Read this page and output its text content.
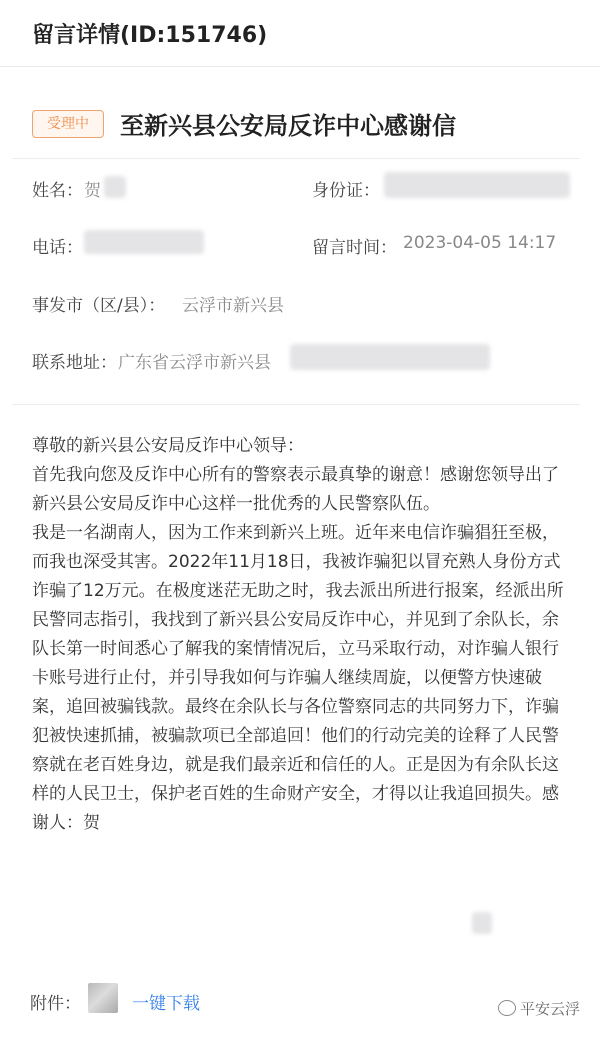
留言详情(ID:151746)
受理中	至新兴县公安局反诈中心感谢信
姓名： 贺	身份证：
电话：	留言时间： 2023-04-05 14:17
事发市（区/县）： 云浮市新兴县
联系地址： 广东省云浮市新兴县

尊敬的新兴县公安局反诈中心领导：

首先我向您及反诈中心所有的警察表示最真挚的谢意！感谢您领导出了新兴县公安局反诈中心这样一批优秀的人民警察队伍。

我是一名湖南人，因为工作来到新兴上班。近年来电信诈骗猖狂至极，而我也深受其害。2022年11月18日，我被诈骗犯以冒充熟人身份方式诈骗了12万元。在极度迷茫无助之时，我去派出所进行报案，经派出所民警同志指引，我找到了新兴县公安局反诈中心，并见到了余队长，余队长第一时间悉心了解我的案情情况后，立马采取行动，对诈骗人银行卡账号进行止付，并引导我如何与诈骗人继续周旋，以便警方快速破案，追回被骗钱款。最终在余队长与各位警察同志的共同努力下，诈骗犯被快速抓捕，被骗款项已全部追回！他们的行动完美的诠释了人民警察就在老百姓身边，就是我们最亲近和信任的人。正是因为有余队长这样的人民卫士，保护老百姓的生命财产安全，才得以让我追回损失。感谢人：贺

附件：	一键下载	平安云浮
